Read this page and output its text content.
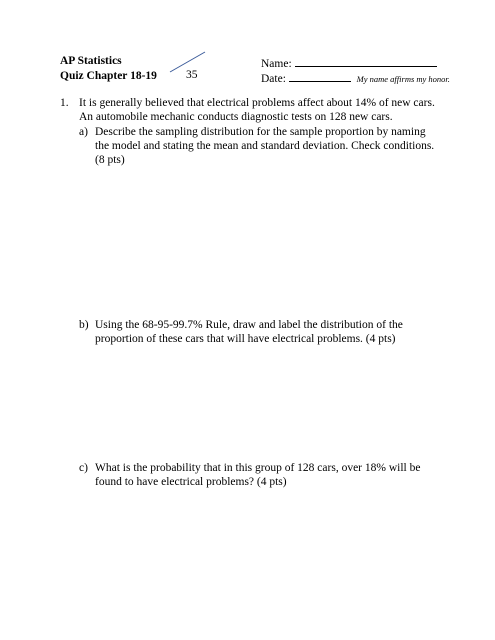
AP Statistics
Quiz Chapter 18-19	35
Name:
Date:	My name affirms my honor.
1. It is generally believed that electrical problems affect about 14% of new cars. An automobile mechanic conducts diagnostic tests on 128 new cars.
a) Describe the sampling distribution for the sample proportion by naming the model and stating the mean and standard deviation. Check conditions. (8 pts)
b) Using the 68-95-99.7% Rule, draw and label the distribution of the proportion of these cars that will have electrical problems. (4 pts)
c) What is the probability that in this group of 128 cars, over 18% will be found to have electrical problems? (4 pts)
